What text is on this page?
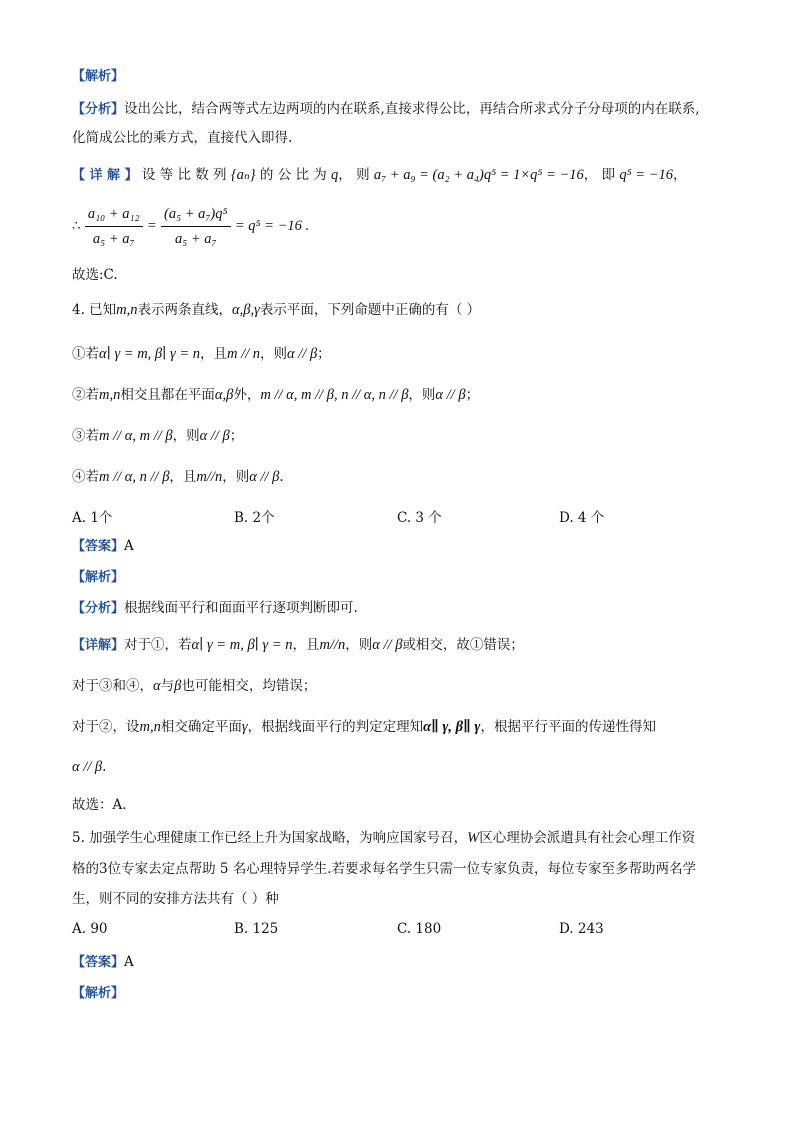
【解析】
【分析】设出公比，结合两等式左边两项的内在联系,直接求得公比，再结合所求式分子分母项的内在联系,
化简成公比的乘方式，直接代入即得.
【 详 解 】 设 等 比 数 列 {aₙ} 的 公 比 为 q， 则 a₇ + a₉ = (a₂ + a₄)q⁵ = 1×q⁵ = −16， 即 q⁵ = −16，
∴ $\frac{\text{a₁₀ + a₁₂}}{\text{a₅ + a₇}} = \frac{\text{(a₅ + a₇)q⁵}}{\text{a₅ + a₇}} = q^5 = -16$ .
故选:C.
4. 已知m,n表示两条直线，α,β,γ表示平面，下列命题中正确的有（ ）
①若α∣ γ = m, β∣ γ = n，且m // n，则α // β；
②若m,n相交且都在平面α,β外，m // α, m // β, n // α, n // β，则α // β；
③若m // α, m // β，则α // β；
④若m // α, n // β，且m//n，则α // β.
A. 1个	B. 2个	C. 3 个	D. 4 个
【答案】A
【解析】
【分析】根据线面平行和面面平行逐项判断即可.
【详解】对于①，若α∣ γ = m, β∣ γ = n，且m//n，则α // β或相交，故①错误；
对于③和④，α与β也可能相交，均错误；
对于②，设m,n相交确定平面γ，根据线面平行的判定定理知α∥ γ, β∥ γ，根据平行平面的传递性得知
α // β.
故选：A．
5. 加强学生心理健康工作已经上升为国家战略，为响应国家号召，W区心理协会派遣具有社会心理工作资
格的3位专家去定点帮助 5 名心理特异学生.若要求每名学生只需一位专家负责，每位专家至多帮助两名学
生，则不同的安排方法共有（ ）种
A. 90	B. 125	C. 180	D. 243
【答案】A
【解析】
